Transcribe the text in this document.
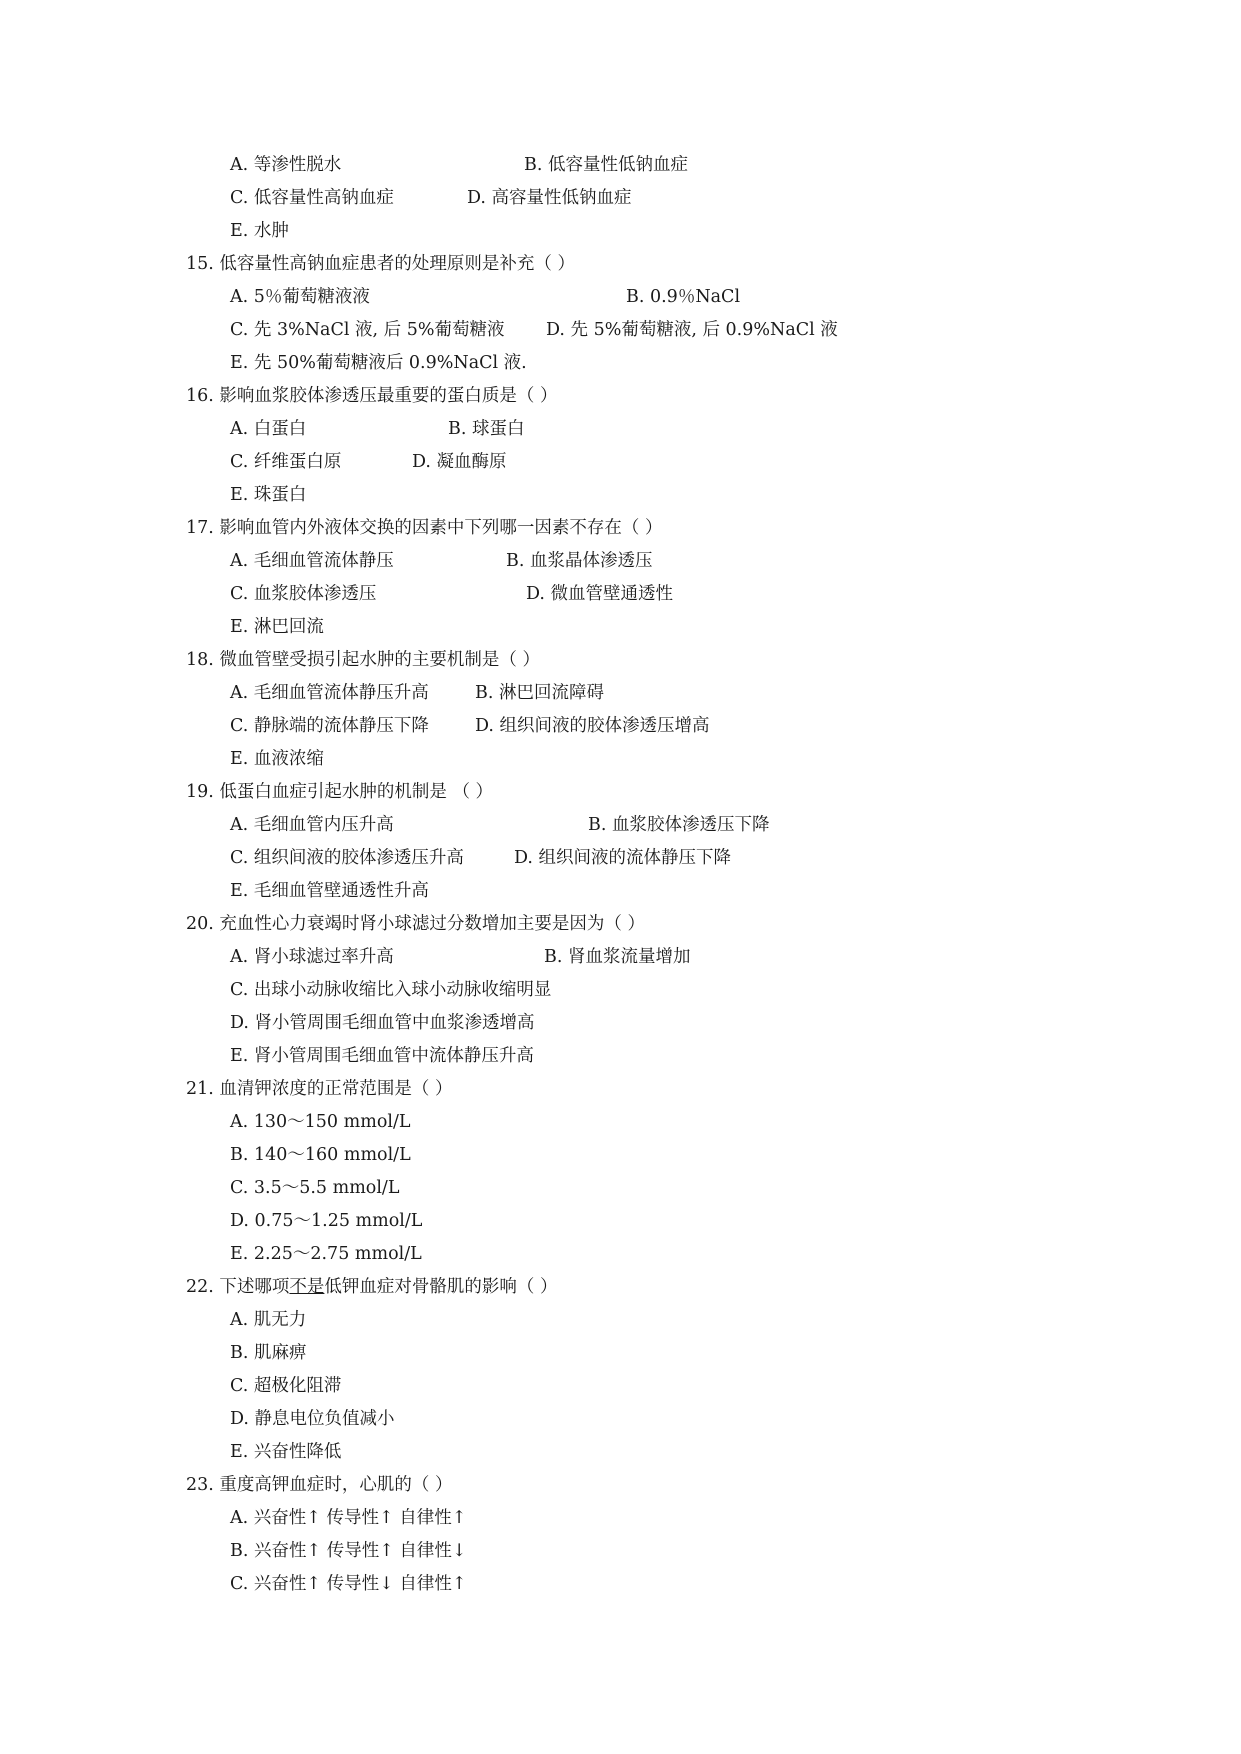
A. 等渗性脱水	B. 低容量性低钠血症
C. 低容量性高钠血症	D. 高容量性低钠血症
E. 水肿
15. 低容量性高钠血症患者的处理原则是补充（ ）
A. 5％葡萄糖液液	B. 0.9％NaCl
C. 先 3%NaCl 液, 后 5%葡萄糖液 D. 先 5%葡萄糖液, 后 0.9%NaCl 液
E. 先 50%葡萄糖液后 0.9%NaCl 液.
16. 影响血浆胶体渗透压最重要的蛋白质是（ ）
A. 白蛋白	B. 球蛋白
C. 纤维蛋白原	D. 凝血酶原
E. 珠蛋白
17. 影响血管内外液体交换的因素中下列哪一因素不存在（ ）
A. 毛细血管流体静压	B. 血浆晶体渗透压
C. 血浆胶体渗透压	D. 微血管壁通透性
E. 淋巴回流
18. 微血管壁受损引起水肿的主要机制是（ ）
A. 毛细血管流体静压升高	B. 淋巴回流障碍
C. 静脉端的流体静压下降	D. 组织间液的胶体渗透压增高
E. 血液浓缩
19. 低蛋白血症引起水肿的机制是 （ ）
A. 毛细血管内压升高	B. 血浆胶体渗透压下降
C. 组织间液的胶体渗透压升高	D. 组织间液的流体静压下降
E. 毛细血管壁通透性升高
20. 充血性心力衰竭时肾小球滤过分数增加主要是因为（ ）
A. 肾小球滤过率升高	B. 肾血浆流量增加
C. 出球小动脉收缩比入球小动脉收缩明显
D. 肾小管周围毛细血管中血浆渗透增高
E. 肾小管周围毛细血管中流体静压升高
21. 血清钾浓度的正常范围是（ ）
A. 130～150 mmol/L
B. 140～160 mmol/L
C. 3.5～5.5 mmol/L
D. 0.75～1.25 mmol/L
E. 2.25～2.75 mmol/L
22. 下述哪项不是低钾血症对骨骼肌的影响（ ）
A. 肌无力
B. 肌麻痹
C. 超极化阻滞
D. 静息电位负值减小
E. 兴奋性降低
23. 重度高钾血症时，心肌的（ ）
A. 兴奋性↑ 传导性↑ 自律性↑
B. 兴奋性↑ 传导性↑ 自律性↓
C. 兴奋性↑ 传导性↓ 自律性↑
